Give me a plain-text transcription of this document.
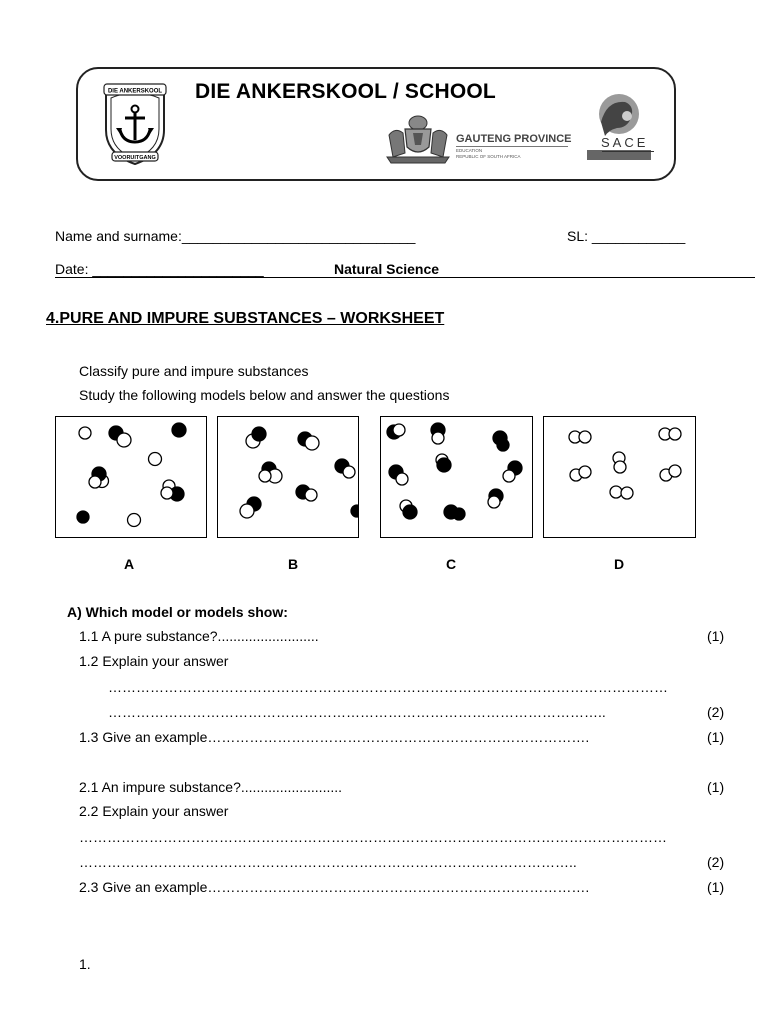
DIE ANKERSKOOL
VOORUITGANG
DIE ANKERSKOOL / SCHOOL
GAUTENG PROVINCE
EDUCATION
REPUBLIC OF SOUTH AFRICA
SACE
Name and surname:______________________________	SL: ____________
Date: ______________________	Natural Science
4.PURE AND IMPURE SUBSTANCES – WORKSHEET
Classify pure and impure substances
Study the following models below and answer the questions
A	B	C	D
A) Which model or models show:
1.1 A pure substance?..........................	(1)
1.2 Explain your answer
…………………………………………………………………………………………………………
……………………………………………………………………………………………..	(2)
1.3 Give an example……………………………………………………………………….	(1)
2.1 An impure substance?..........................	(1)
2.2 Explain your answer
………………………………………………………………………………………………………………
……………………………………………………………………………………………..	(2)
2.3 Give an example……………………………………………………………………….	(1)
1.
